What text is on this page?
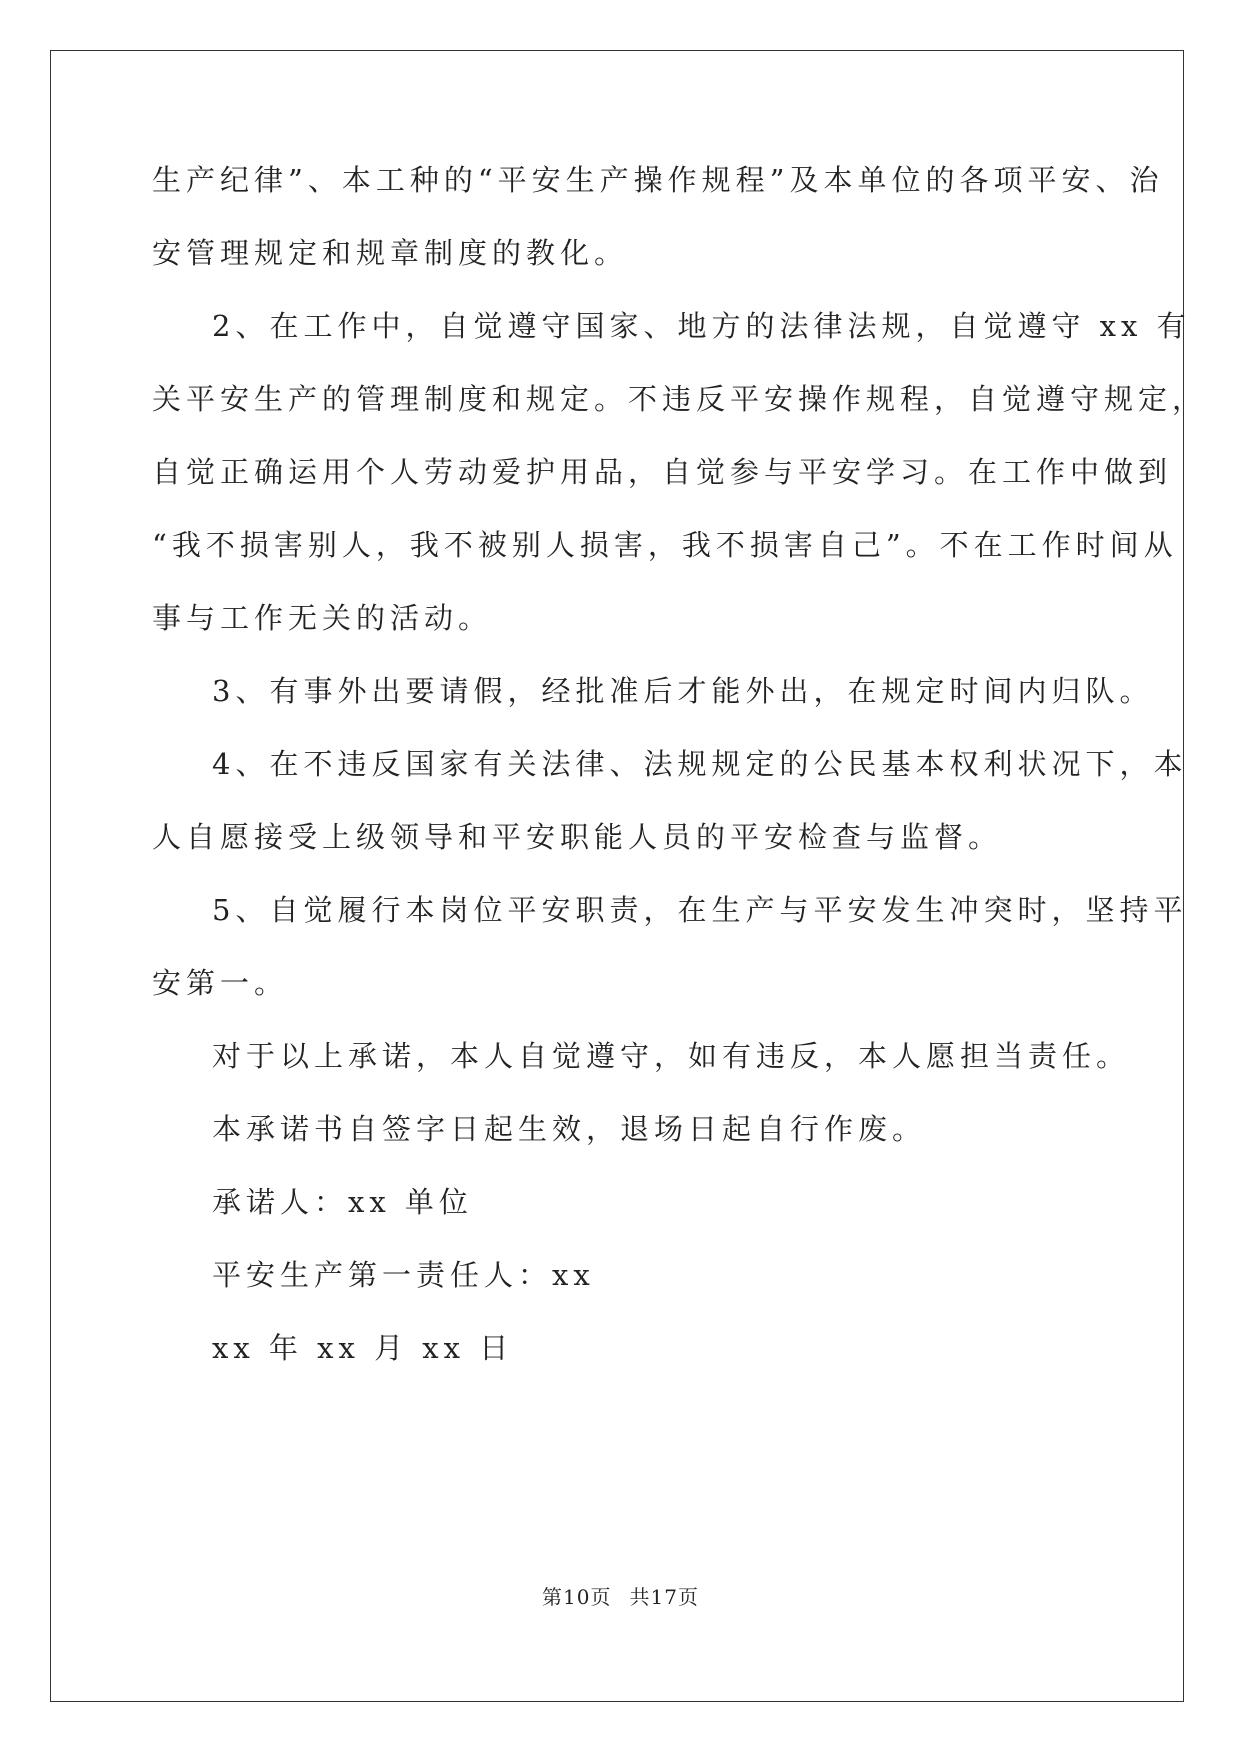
生产纪律”、本工种的“平安生产操作规程”及本单位的各项平安、治
安管理规定和规章制度的教化。
2、在工作中，自觉遵守国家、地方的法律法规，自觉遵守 xx 有
关平安生产的管理制度和规定。不违反平安操作规程，自觉遵守规定，
自觉正确运用个人劳动爱护用品，自觉参与平安学习。在工作中做到
“我不损害别人，我不被别人损害，我不损害自己”。不在工作时间从
事与工作无关的活动。
3、有事外出要请假，经批准后才能外出，在规定时间内归队。
4、在不违反国家有关法律、法规规定的公民基本权利状况下，本
人自愿接受上级领导和平安职能人员的平安检查与监督。
5、自觉履行本岗位平安职责，在生产与平安发生冲突时，坚持平
安第一。
对于以上承诺，本人自觉遵守，如有违反，本人愿担当责任。
本承诺书自签字日起生效，退场日起自行作废。
承诺人：xx 单位
平安生产第一责任人：xx
xx 年 xx 月 xx 日
第10页 共17页
